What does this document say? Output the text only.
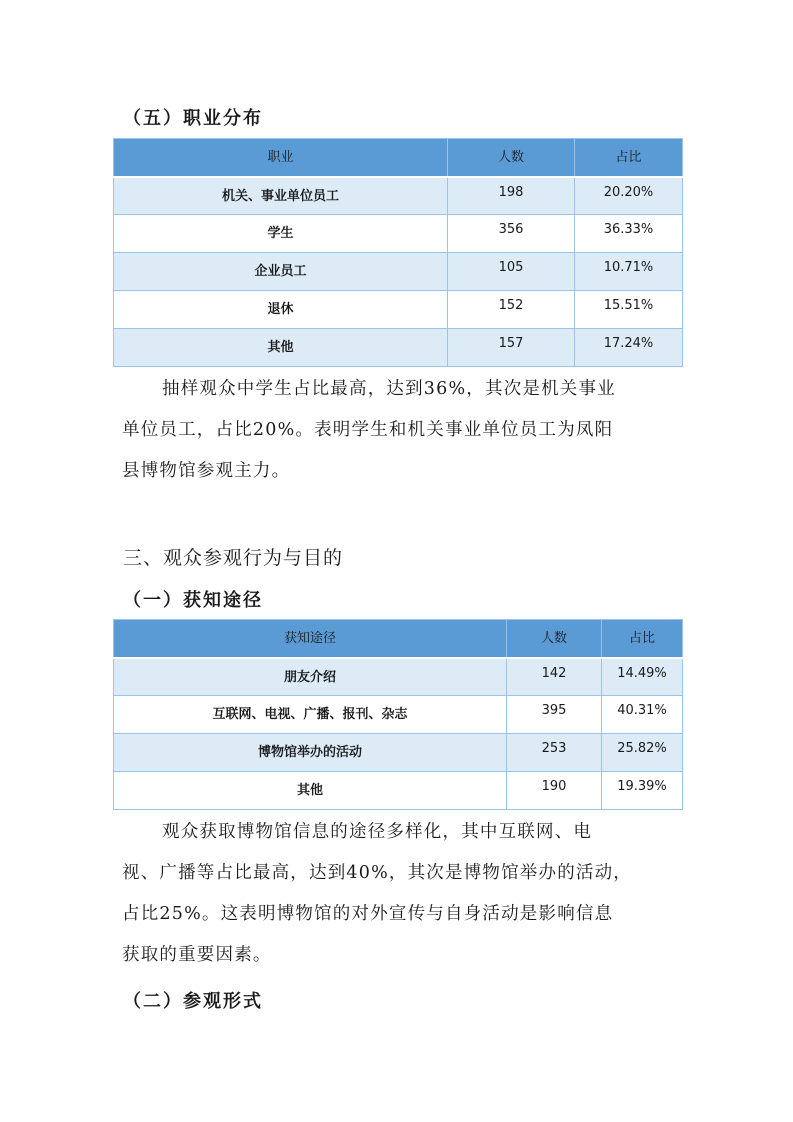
（五）职业分布
职业	人数	占比
机关、事业单位员工	198	20.20%
学生	356	36.33%
企业员工	105	10.71%
退休	152	15.51%
其他	157	17.24%
抽样观众中学生占比最高，达到36%，其次是机关事业
单位员工，占比20%。表明学生和机关事业单位员工为凤阳
县博物馆参观主力。
三、观众参观行为与目的
（一）获知途径
获知途径	人数	占比
朋友介绍	142	14.49%
互联网、电视、广播、报刊、杂志	395	40.31%
博物馆举办的活动	253	25.82%
其他	190	19.39%
观众获取博物馆信息的途径多样化，其中互联网、电
视、广播等占比最高，达到40%，其次是博物馆举办的活动，
占比25%。这表明博物馆的对外宣传与自身活动是影响信息
获取的重要因素。
（二）参观形式
